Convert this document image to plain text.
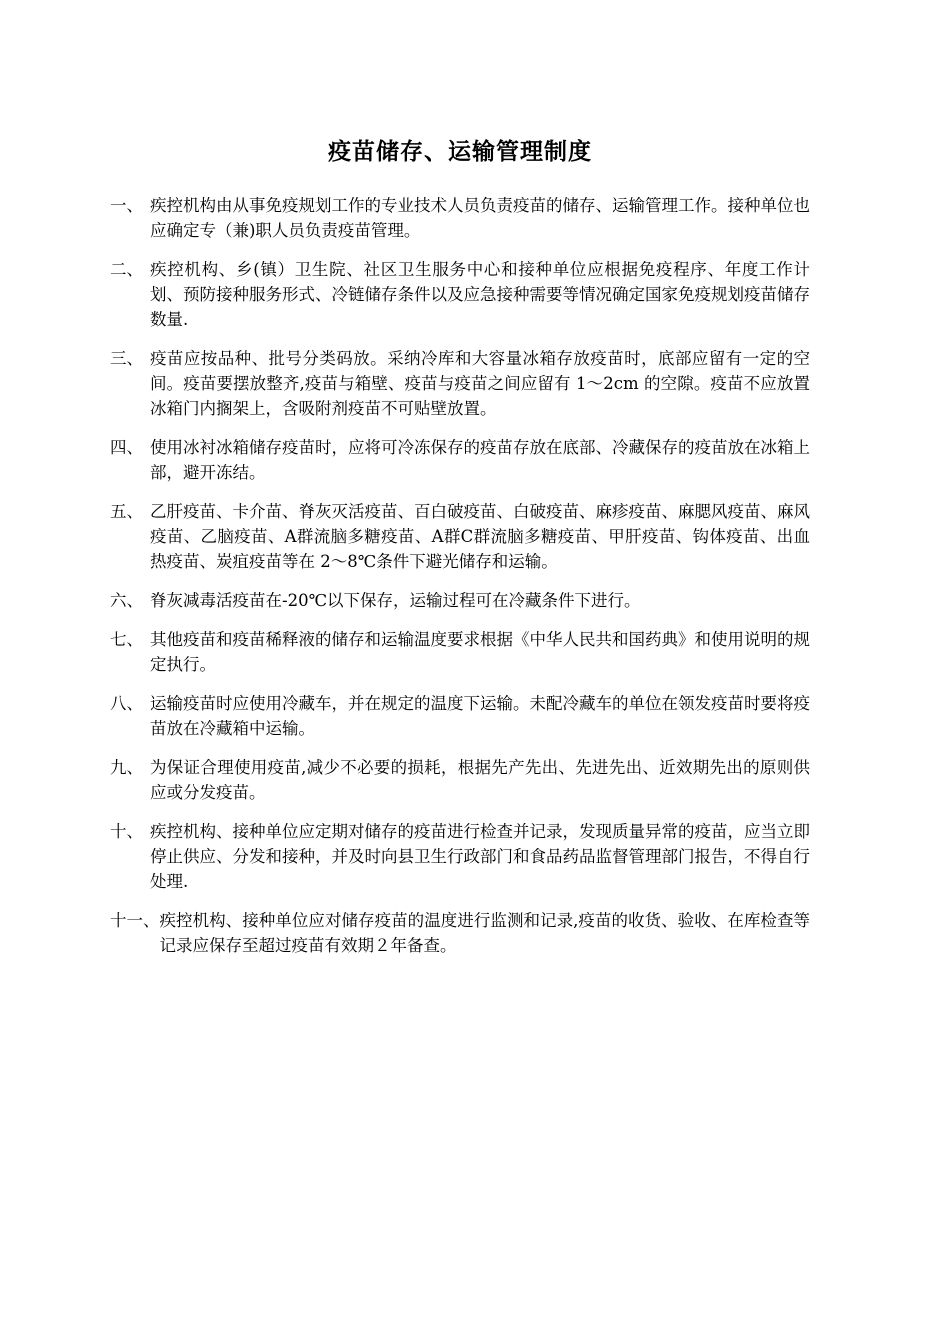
疫苗储存、运输管理制度
一、 疾控机构由从事免疫规划工作的专业技术人员负责疫苗的储存、运输管理工作。接种单位也应确定专（兼)职人员负责疫苗管理。
二、 疾控机构、乡(镇）卫生院、社区卫生服务中心和接种单位应根据免疫程序、年度工作计划、预防接种服务形式、冷链储存条件以及应急接种需要等情况确定国家免疫规划疫苗储存数量.
三、 疫苗应按品种、批号分类码放。采纳冷库和大容量冰箱存放疫苗时，底部应留有一定的空间。疫苗要摆放整齐,疫苗与箱壁、疫苗与疫苗之间应留有 1～2cm 的空隙。疫苗不应放置冰箱门内搁架上，含吸附剂疫苗不可贴壁放置。
四、 使用冰衬冰箱储存疫苗时，应将可冷冻保存的疫苗存放在底部、冷藏保存的疫苗放在冰箱上部，避开冻结。
五、 乙肝疫苗、卡介苗、脊灰灭活疫苗、百白破疫苗、白破疫苗、麻疹疫苗、麻腮风疫苗、麻风疫苗、乙脑疫苗、A群流脑多糖疫苗、A群C群流脑多糖疫苗、甲肝疫苗、钩体疫苗、出血热疫苗、炭疽疫苗等在 2～8℃条件下避光储存和运输。
六、 脊灰减毒活疫苗在-20℃以下保存，运输过程可在冷藏条件下进行。
七、 其他疫苗和疫苗稀释液的储存和运输温度要求根据《中华人民共和国药典》和使用说明的规定执行。
八、 运输疫苗时应使用冷藏车，并在规定的温度下运输。未配冷藏车的单位在领发疫苗时要将疫苗放在冷藏箱中运输。
九、 为保证合理使用疫苗,减少不必要的损耗，根据先产先出、先进先出、近效期先出的原则供应或分发疫苗。
十、 疾控机构、接种单位应定期对储存的疫苗进行检查并记录，发现质量异常的疫苗，应当立即停止供应、分发和接种，并及时向县卫生行政部门和食品药品监督管理部门报告，不得自行处理.
十一、 疾控机构、接种单位应对储存疫苗的温度进行监测和记录,疫苗的收货、验收、在库检查等记录应保存至超过疫苗有效期２年备查。
